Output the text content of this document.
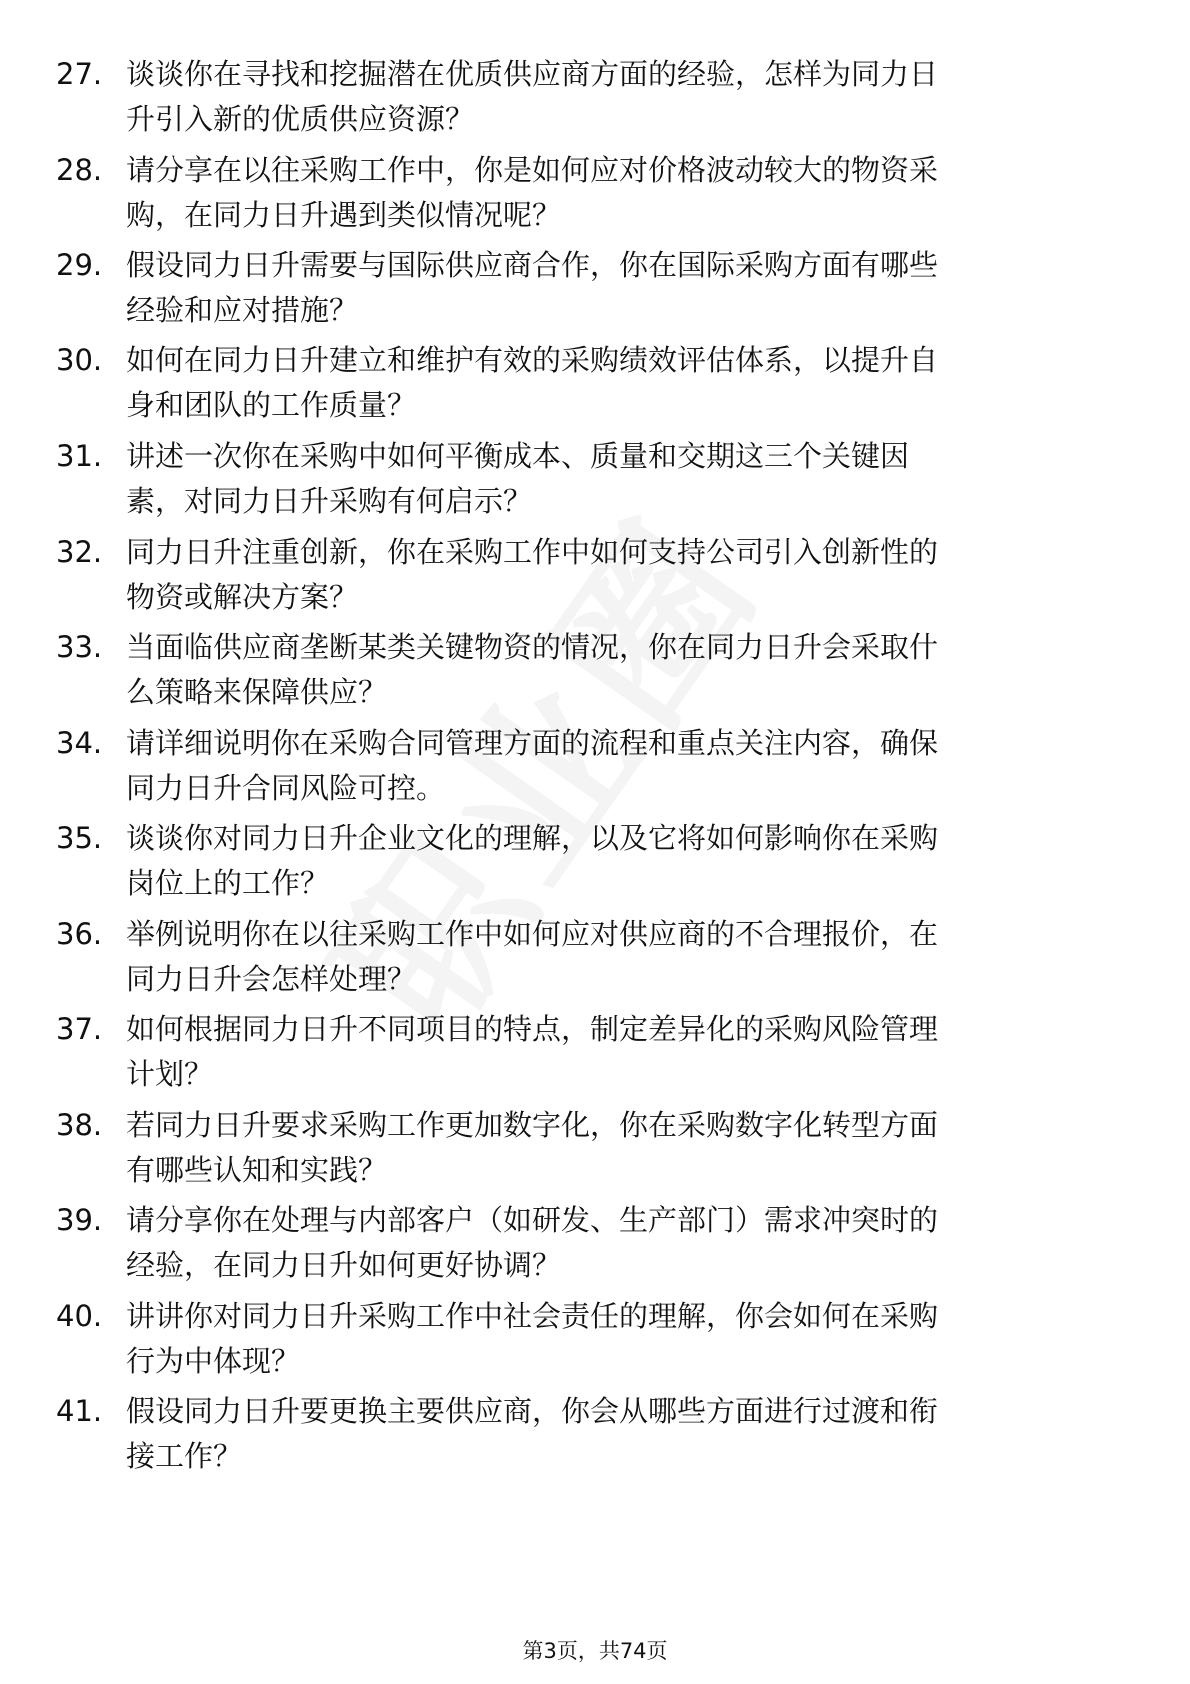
27. 谈谈你在寻找和挖掘潜在优质供应商方面的经验，怎样为同力日
升引入新的优质供应资源？
28. 请分享在以往采购工作中，你是如何应对价格波动较大的物资采
购，在同力日升遇到类似情况呢？
29. 假设同力日升需要与国际供应商合作，你在国际采购方面有哪些
经验和应对措施？
30. 如何在同力日升建立和维护有效的采购绩效评估体系，以提升自
身和团队的工作质量？
31. 讲述一次你在采购中如何平衡成本、质量和交期这三个关键因
素，对同力日升采购有何启示？
32. 同力日升注重创新，你在采购工作中如何支持公司引入创新性的
物资或解决方案？
33. 当面临供应商垄断某类关键物资的情况，你在同力日升会采取什
么策略来保障供应？
34. 请详细说明你在采购合同管理方面的流程和重点关注内容，确保
同力日升合同风险可控。
35. 谈谈你对同力日升企业文化的理解，以及它将如何影响你在采购
岗位上的工作？
36. 举例说明你在以往采购工作中如何应对供应商的不合理报价，在
同力日升会怎样处理？
37. 如何根据同力日升不同项目的特点，制定差异化的采购风险管理
计划？
38. 若同力日升要求采购工作更加数字化，你在采购数字化转型方面
有哪些认知和实践？
39. 请分享你在处理与内部客户（如研发、生产部门）需求冲突时的
经验，在同力日升如何更好协调？
40. 讲讲你对同力日升采购工作中社会责任的理解，你会如何在采购
行为中体现？
41. 假设同力日升要更换主要供应商，你会从哪些方面进行过渡和衔
接工作？
第3页，共74页
